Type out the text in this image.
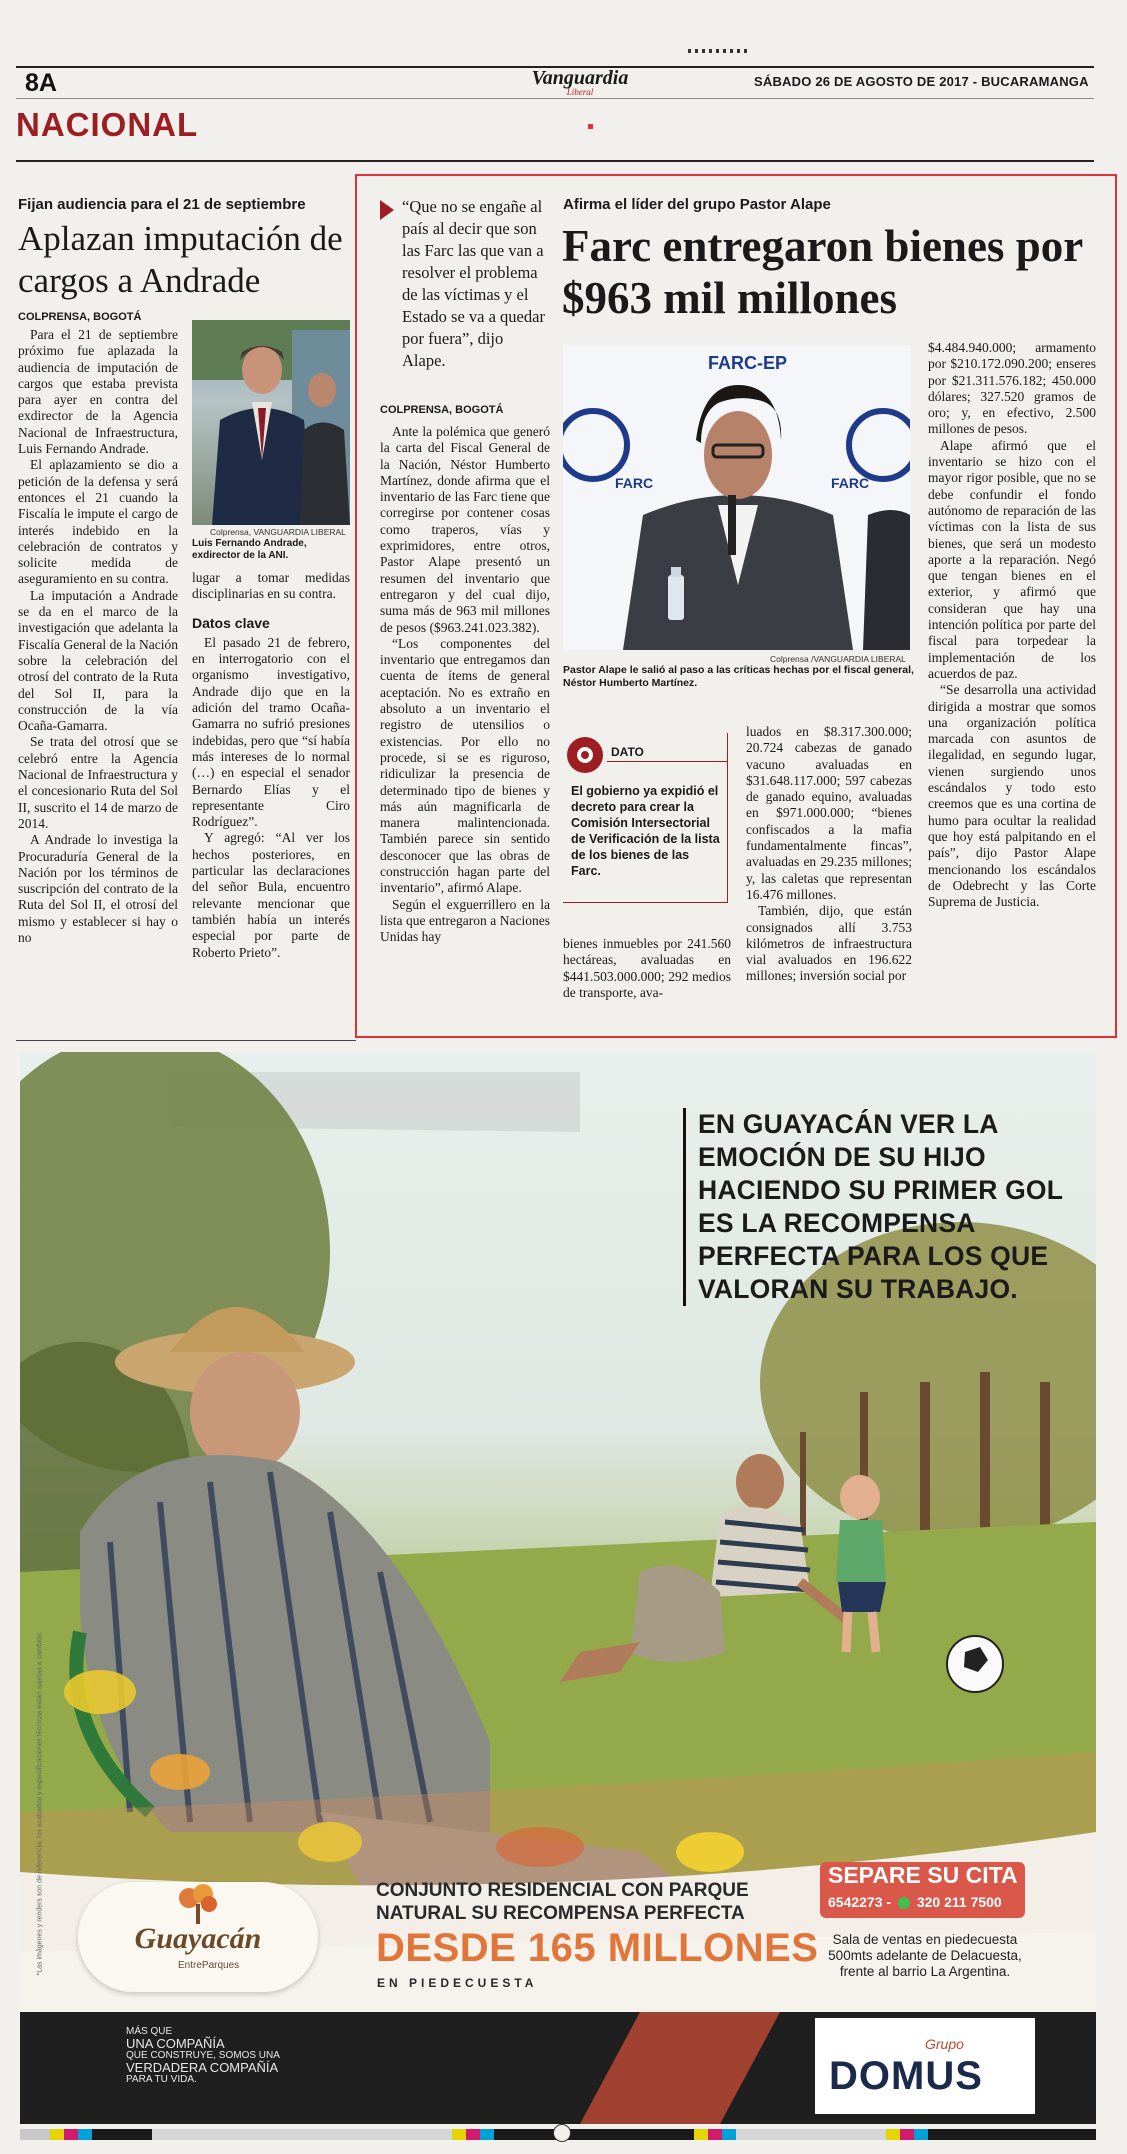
8A	Vanguardia
Liberal
SÁBADO 26 DE AGOSTO DE 2017 - BUCARAMANGA
NACIONAL
Fijan audiencia para el 21 de septiembre
Aplazan imputación de cargos a Andrade
COLPRENSA, BOGOTÁ

Para el 21 de septiembre próximo fue aplazada la audiencia de imputación de cargos que estaba prevista para ayer en contra del exdirector de la Agencia Nacional de Infraestructura, Luis Fernando Andrade.

El aplazamiento se dio a petición de la defensa y será entonces el 21 cuando la Fiscalía le impute el cargo de interés indebido en la celebración de contratos y solicite medida de aseguramiento en su contra.

La imputación a Andrade se da en el marco de la investigación que adelanta la Fiscalía General de la Nación sobre la celebración del otrosí del contrato de la Ruta del Sol II, para la construcción de la vía Ocaña-Gamarra.

Se trata del otrosí que se celebró entre la Agencia Nacional de Infraestructura y el concesionario Ruta del Sol II, suscrito el 14 de marzo de 2014.

A Andrade lo investiga la Procuraduría General de la Nación por los términos de suscripción del contrato de la Ruta del Sol II, el otrosí del mismo y establecer si hay o no

Colprensa, VANGUARDIA LIBERAL
Luis Fernando Andrade, exdirector de la ANI.
lugar a tomar medidas disciplinarias en su contra.
Datos clave

El pasado 21 de febrero, en interrogatorio con el organismo investigativo, Andrade dijo que en la adición del tramo Ocaña-Gamarra no sufrió presiones indebidas, pero que “sí había más intereses de lo normal (…) en especial el senador Bernardo Elías y el representante Ciro Rodríguez”.

Y agregó: “Al ver los hechos posteriores, en particular las declaraciones del señor Bula, encuentro relevante mencionar que también había un interés especial por parte de Roberto Prieto”.

“Que no se engañe al país al decir que son las Farc las que van a resolver el problema de las víctimas y el Estado se va a quedar por fuera”, dijo Alape.
COLPRENSA, BOGOTÁ

Ante la polémica que generó la carta del Fiscal General de la Nación, Néstor Humberto Martínez, donde afirma que el inventario de las Farc tiene que corregirse por contener cosas como traperos, vías y exprimidores, entre otros, Pastor Alape presentó un resumen del inventario que entregaron y del cual dijo, suma más de 963 mil millones de pesos ($963.241.023.382).

“Los componentes del inventario que entregamos dan cuenta de ítems de general aceptación. No es extraño en absoluto a un inventario el registro de utensilios o existencias. Por ello no procede, si se es riguroso, ridiculizar la presencia de determinado tipo de bienes y más aún magnificarla de manera malintencionada. También parece sin sentido desconocer que las obras de construcción hagan parte del inventario”, afirmó Alape.

Según el exguerrillero en la lista que entregaron a Naciones Unidas hay

Afirma el líder del grupo Pastor Alape
Farc entregaron bienes por $963 mil millones
FARC-EP
FARC	FARC
Colprensa /VANGUARDIA LIBERAL
Pastor Alape le salió al paso a las críticas hechas por el fiscal general, Néstor Humberto Martínez.
DATO
El gobierno ya expidió el decreto para crear la Comisión Intersectorial de Verificación de la lista de los bienes de las Farc.
bienes inmuebles por 241.560 hectáreas, avaluadas en $441.503.000.000; 292 medios de transporte, ava-
luados en $8.317.300.000; 20.724 cabezas de ganado vacuno avaluadas en $31.648.117.000; 597 cabezas de ganado equino, avaluadas en $971.000.000; “bienes confiscados a la mafia fundamentalmente fincas”, avaluadas en 29.235 millones; y, las caletas que representan 16.476 millones.

También, dijo, que están consignados allí 3.753 kilómetros de infraestructura vial avaluados en 196.622 millones; inversión social por

$4.484.940.000; armamento por $210.172.090.200; enseres por $21.311.576.182; 450.000 dólares; 327.520 gramos de oro; y, en efectivo, 2.500 millones de pesos.

Alape afirmó que el inventario se hizo con el mayor rigor posible, que no se debe confundir el fondo autónomo de reparación de las víctimas con la lista de sus bienes, que será un modesto aporte a la reparación. Negó que tengan bienes en el exterior, y afirmó que consideran que hay una intención política por parte del fiscal para torpedear la implementación de los acuerdos de paz.

“Se desarrolla una actividad dirigida a mostrar que somos una organización política marcada con asuntos de ilegalidad, en segundo lugar, vienen surgiendo unos escándalos y todo esto creemos que es una cortina de humo para ocultar la realidad que hoy está palpitando en el país”, dijo Pastor Alape mencionando los escándalos de Odebrecht y las Corte Suprema de Justicia.

EN GUAYACÁN VER LA
EMOCIÓN DE SU HIJO
HACIENDO SU PRIMER GOL
ES LA RECOMPENSA
PERFECTA PARA LOS QUE
VALORAN SU TRABAJO.
Guayacán
EntreParques
CONJUNTO RESIDENCIAL CON PARQUE
NATURAL SU RECOMPENSA PERFECTA
DESDE 165 MILLONES
EN PIEDECUESTA
SEPARE SU CITA
6542273 - 320 211 7500
Sala de ventas en piedecuesta
500mts adelante de Delacuesta,
frente al barrio La Argentina.
*Las imágenes y renders son de referencia, los acabados y especificaciones técnicas están sujetas a cambios.
MÁS QUE
UNA COMPAÑÍA
QUE CONSTRUYE, SOMOS UNA
VERDADERA COMPAÑÍA
PARA TU VIDA.
Grupo
DOMUS
